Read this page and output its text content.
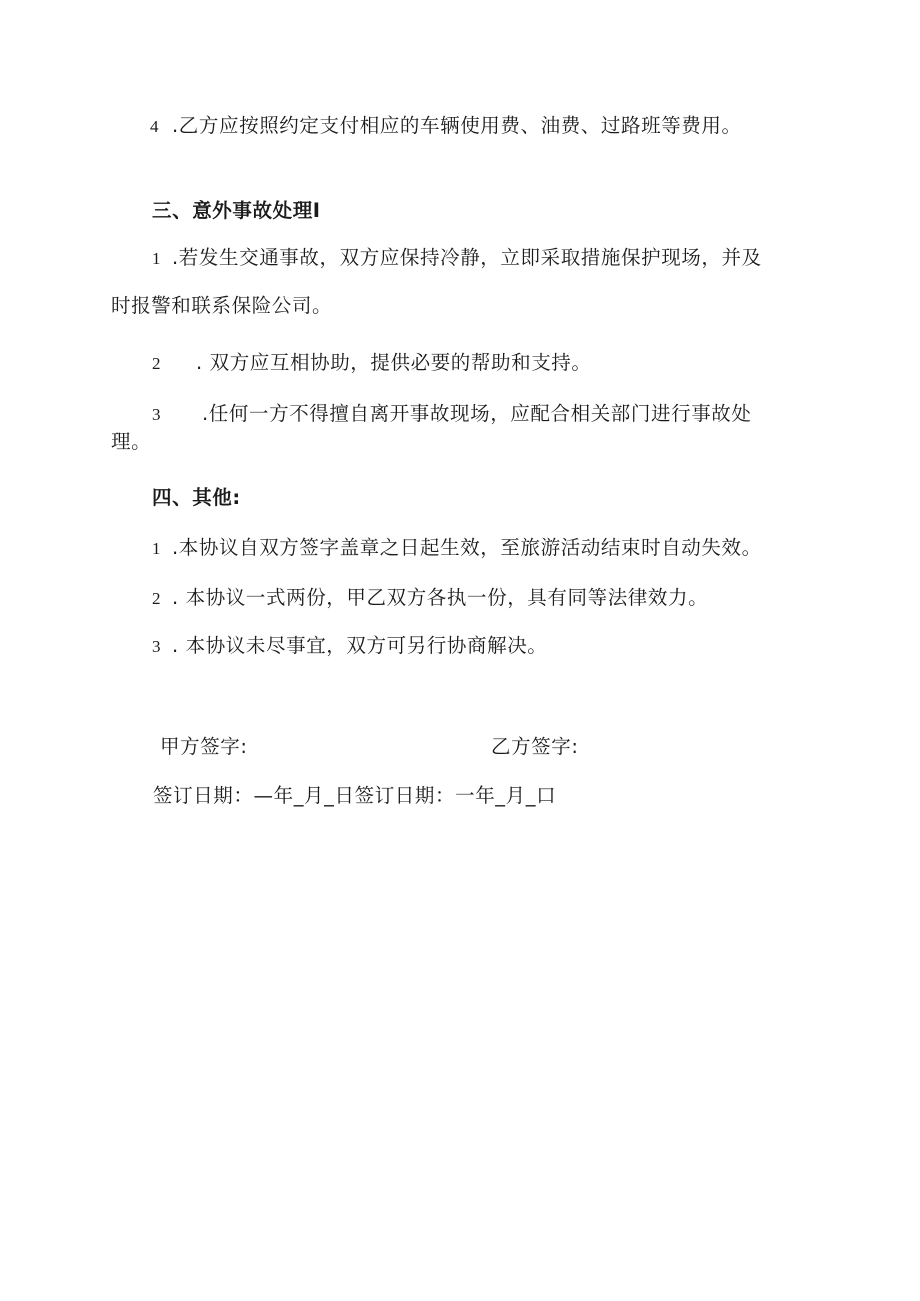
4 .乙方应按照约定支付相应的车辆使用费、油费、过路班等费用。
三、意外事故处理I
1 .若发生交通事故，双方应保持冷静，立即采取措施保护现场，并及
时报警和联系保险公司。
2 . 双方应互相协助，提供必要的帮助和支持。
3 .任何一方不得擅自离开事故现场，应配合相关部门进行事故处
理。
四、其他:
1 .本协议自双方签字盖章之日起生效，至旅游活动结束时自动失效。
2 . 本协议一式两份，甲乙双方各执一份，具有同等法律效力。
3 . 本协议未尽事宜，双方可另行协商解决。
甲方签字:	乙方签字:
签订日期：—年_月_日签订日期：一年_月_口
